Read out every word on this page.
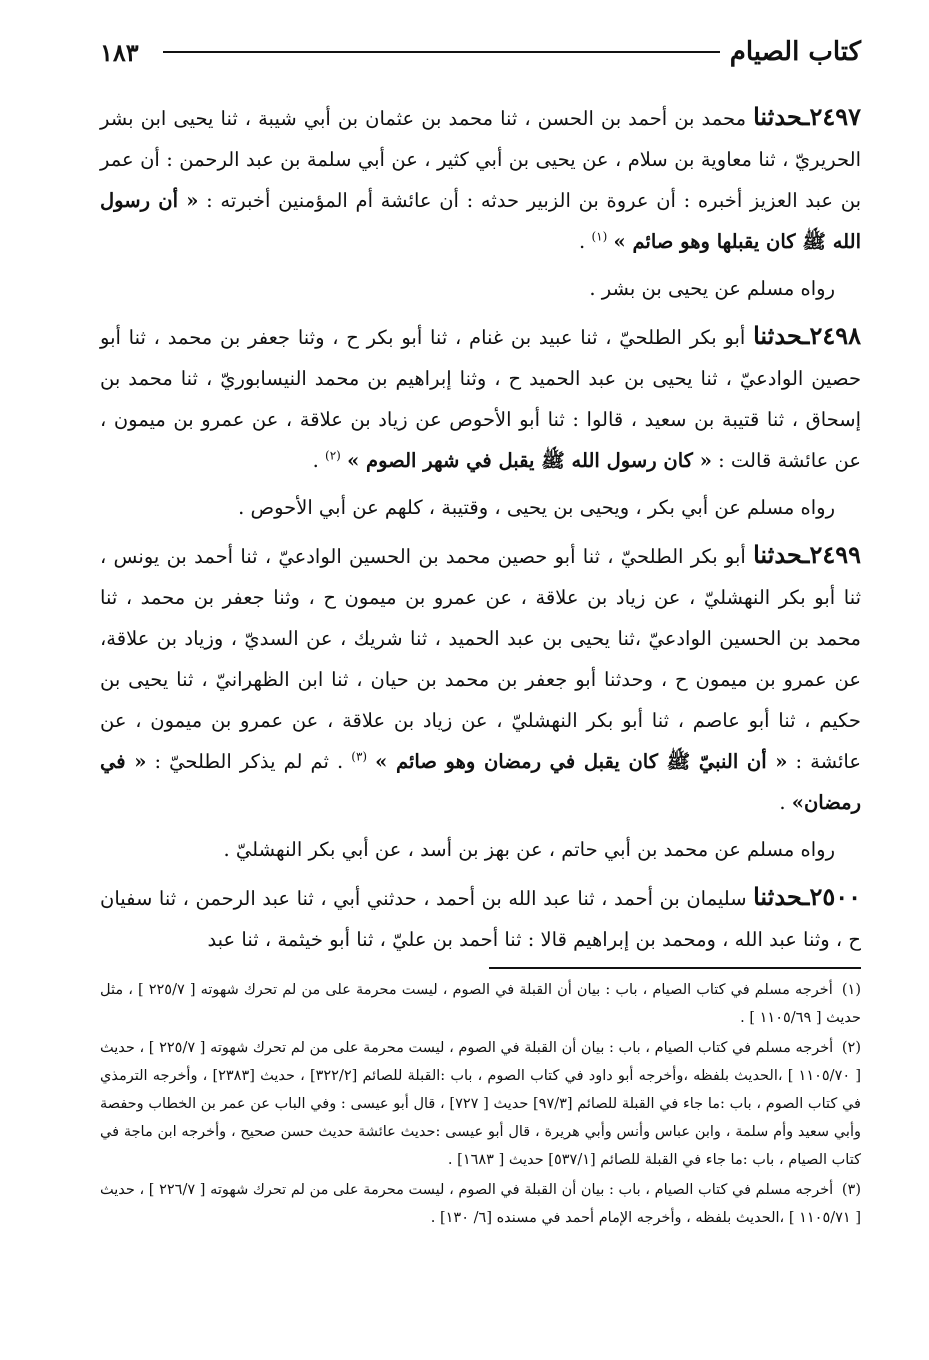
١٨٣	كتاب الصيام

٢٤٩٧ـحدثنا محمد بن أحمد بن الحسن ، ثنا محمد بن عثمان بن أبي شيبة ، ثنا يحيى ابن بشر الحريريّ ، ثنا معاوية بن سلام ، عن يحيى بن أبي كثير ، عن أبي سلمة بن عبد الرحمن : أن عمر بن عبد العزيز أخبره : أن عروة بن الزبير حدثه : أن عائشة أم المؤمنين أخبرته : « أن رسول الله ﷺ كان يقبلها وهو صائم » $^{(١)}$ .

رواه مسلم عن يحيى بن بشر .

٢٤٩٨ـحدثنا أبو بكر الطلحيّ ، ثنا عبيد بن غنام ، ثنا أبو بكر ح ، وثنا جعفر بن محمد ، ثنا أبو حصين الوادعيّ ، ثنا يحيى بن عبد الحميد ح ، وثنا إبراهيم بن محمد النيسابوريّ ، ثنا محمد بن إسحاق ، ثنا قتيبة بن سعيد ، قالوا : ثنا أبو الأحوص عن زياد بن علاقة ، عن عمرو بن ميمون ، عن عائشة قالت : « كان رسول الله ﷺ يقبل في شهر الصوم » $^{(٢)}$ .

رواه مسلم عن أبي بكر ، ويحيى بن يحيى ، وقتيبة ، كلهم عن أبي الأحوص .

٢٤٩٩ـحدثنا أبو بكر الطلحيّ ، ثنا أبو حصين محمد بن الحسين الوادعيّ ، ثنا أحمد بن يونس ، ثنا أبو بكر النهشليّ ، عن زياد بن علاقة ، عن عمرو بن ميمون ح ، وثنا جعفر بن محمد ، ثنا محمد بن الحسين الوادعيّ ،ثنا يحيى بن عبد الحميد ، ثنا شريك ، عن السديّ ، وزياد بن علاقة، عن عمرو بن ميمون ح ، وحدثنا أبو جعفر بن محمد بن حيان ، ثنا ابن الظهرانيّ ، ثنا يحيى بن حكيم ، ثنا أبو عاصم ، ثنا أبو بكر النهشليّ ، عن زياد بن علاقة ، عن عمرو بن ميمون ، عن عائشة : « أن النبيّ ﷺ كان يقبل في رمضان وهو صائم » $^{(٣)}$ . ثم لم يذكر الطلحيّ : « في رمضان» .

رواه مسلم عن محمد بن أبي حاتم ، عن بهز بن أسد ، عن أبي بكر النهشليّ .

٢٥٠٠ـحدثنا سليمان بن أحمد ، ثنا عبد الله بن أحمد ، حدثني أبي ، ثنا عبد الرحمن ، ثنا سفيان ح ، وثنا عبد الله ، ومحمد بن إبراهيم قالا : ثنا أحمد بن عليّ ، ثنا أبو خيثمة ، ثنا عبد

(١) أخرجه مسلم في كتاب الصيام ، باب : بيان أن القبلة في الصوم ، ليست محرمة على من لم تحرك شهوته [ ٢٢٥/٧ ] ، مثل حديث [ ١١٠٥/٦٩ ] .

(٢) أخرجه مسلم في كتاب الصيام ، باب : بيان أن القبلة في الصوم ، ليست محرمة على من لم تحرك شهوته [ ٢٢٥/٧ ] ، حديث [ ١١٠٥/٧٠ ] ،الحديث بلفظه ،وأخرجه أبو داود في كتاب الصوم ، باب :القبلة للصائم [٣٢٢/٢] ، حديث [٢٣٨٣] ، وأخرجه الترمذي في كتاب الصوم ، باب :ما جاء في القبلة للصائم [٩٧/٣] حديث [ ٧٢٧] ، قال أبو عيسى : وفي الباب عن عمر بن الخطاب وحفصة وأبي سعيد وأم سلمة ، وابن عباس وأنس وأبي هريرة ، قال أبو عيسى :حديث عائشة حديث حسن صحيح ، وأخرجه ابن ماجة في كتاب الصيام ، باب :ما جاء في القبلة للصائم [٥٣٧/١] حديث [ ١٦٨٣] .

(٣) أخرجه مسلم في كتاب الصيام ، باب : بيان أن القبلة في الصوم ، ليست محرمة على من لم تحرك شهوته [ ٢٢٦/٧ ] ، حديث [ ١١٠٥/٧١ ] ،الحديث بلفظه ، وأخرجه الإمام أحمد في مسنده [٦/ ١٣٠] .
